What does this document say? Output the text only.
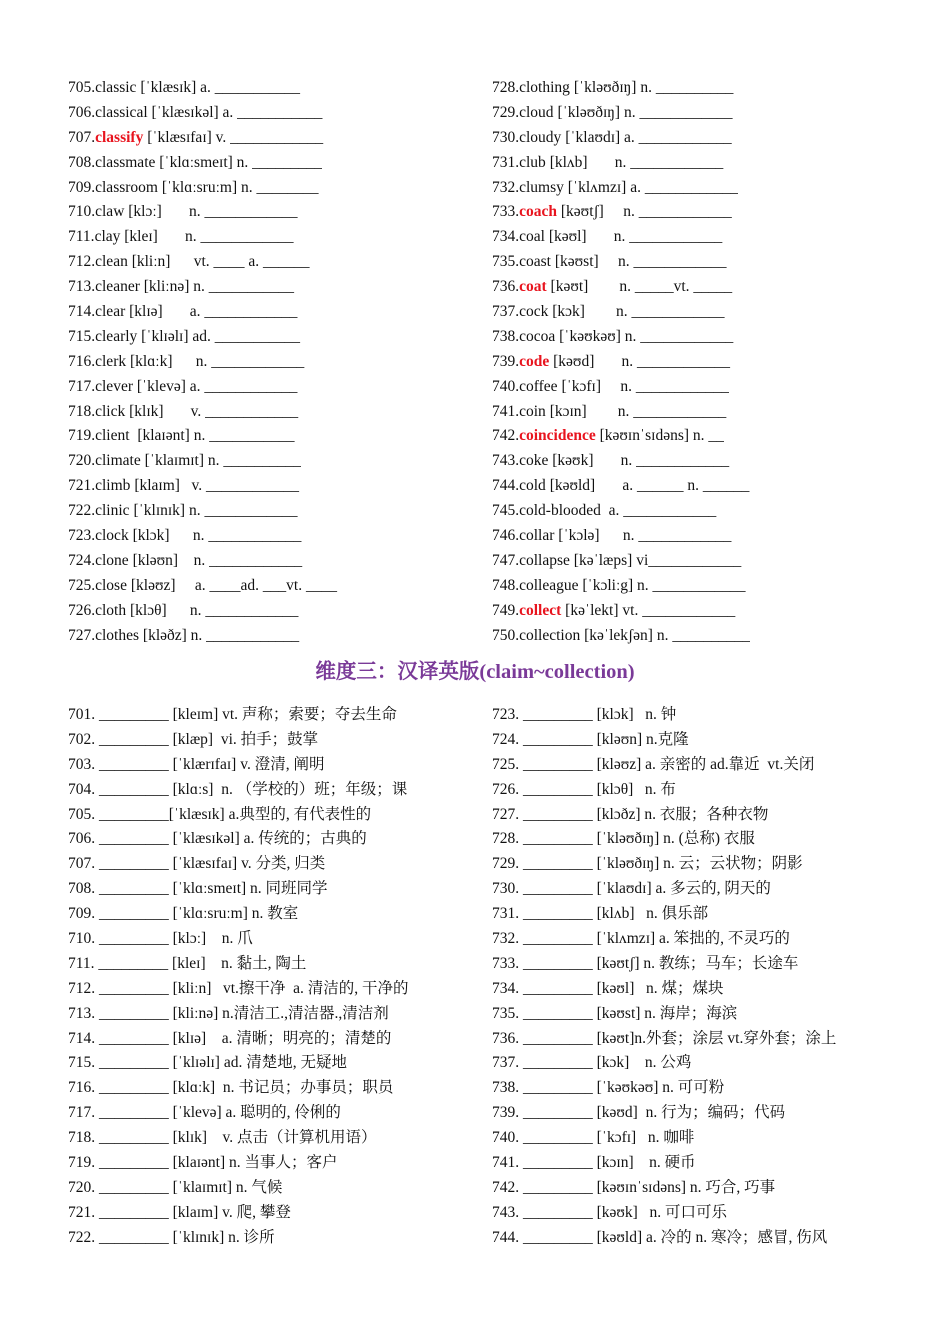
705.classic [ˈklæsɪk] a. ___________
706.classical [ˈklæsɪkəl] a. ___________
707.classify [ˈklæsɪfaɪ] v. ____________
708.classmate [ˈklɑːsmeɪt] n. _________
709.classroom [ˈklɑːsruːm] n. ________
710.claw [klɔː]       n. ____________
711.clay [kleɪ]       n. ____________
712.clean [kliːn]      vt. ____ a. ______
713.cleaner [kliːnə] n. ___________
714.clear [klɪə]       a. ____________
715.clearly [ˈklɪəlɪ] ad. ___________
716.clerk [klɑːk]      n. ____________
717.clever [ˈklevə] a. ____________
718.click [klɪk]       v. ____________
719.client  [klaɪənt] n. ___________
720.climate [ˈklaɪmɪt] n. __________
721.climb [klaɪm]   v. ____________
722.clinic [ˈklɪnɪk] n. ____________
723.clock [klɔk]      n. ____________
724.clone [kləʊn]    n. ____________
725.close [kləʊz]     a. ____ad. ___vt. ____
726.cloth [klɔθ]      n. ____________
727.clothes [kləðz] n. ____________
728.clothing [ˈkləʊðɪŋ] n. __________
729.cloud [ˈkləʊðɪŋ] n. ____________
730.cloudy [ˈklaʊdɪ] a. ____________
731.club [klʌb]       n. ____________
732.clumsy [ˈklʌmzɪ] a. ____________
733.coach [kəʊtʃ]     n. ____________
734.coal [kəʊl]       n. ____________
735.coast [kəʊst]     n. ____________
736.coat [kəʊt]        n. _____vt. _____
737.cock [kɔk]        n. ____________
738.cocoa [ˈkəʊkəʊ] n. ____________
739.code [kəʊd]       n. ____________
740.coffee [ˈkɔfɪ]     n. ____________
741.coin [kɔɪn]        n. ____________
742.coincidence [kəʊɪnˈsɪdəns] n. __
743.coke [kəʊk]       n. ____________
744.cold [kəʊld]       a. ______ n. ______
745.cold-blooded  a. ____________
746.collar [ˈkɔlə]      n. ____________
747.collapse [kəˈlæps] vi____________
748.colleague [ˈkɔliːg] n. ____________
749.collect [kəˈlekt] vt. ____________
750.collection [kəˈlekʃən] n. __________
维度三：汉译英版(claim~collection)
701. _________ [kleɪm] vt. 声称；索要；夺去生命
702. _________ [klæp]  vi. 拍手；鼓掌
703. _________ [ˈklærɪfaɪ] v. 澄清, 阐明
704. _________ [klɑːs]  n. （学校的）班；年级；课
705. _________[ˈklæsɪk] a.典型的, 有代表性的
706. _________ [ˈklæsɪkəl] a. 传统的；古典的
707. _________ [ˈklæsɪfaɪ] v. 分类, 归类
708. _________ [ˈklɑːsmeɪt] n. 同班同学
709. _________ [ˈklɑːsruːm] n. 教室
710. _________ [klɔː]    n. 爪
711. _________ [kleɪ]    n. 黏土, 陶土
712. _________ [kliːn]   vt.擦干净  a. 清洁的, 干净的
713. _________ [kliːnə] n.清洁工.,清洁器.,清洁剂
714. _________ [klɪə]    a. 清晰；明亮的；清楚的
715. _________ [ˈklɪəlɪ] ad. 清楚地, 无疑地
716. _________ [klɑːk]  n. 书记员；办事员；职员
717. _________ [ˈklevə] a. 聪明的, 伶俐的
718. _________ [klɪk]    v. 点击（计算机用语）
719. _________ [klaɪənt] n. 当事人；客户
720. _________ [ˈklaɪmɪt] n. 气候
721. _________ [klaɪm] v. 爬, 攀登
722. _________ [ˈklɪnɪk] n. 诊所
723. _________ [klɔk]   n. 钟
724. _________ [kləʊn] n.克隆
725. _________ [kləʊz] a. 亲密的 ad.靠近  vt.关闭
726. _________ [klɔθ]   n. 布
727. _________ [klɔðz] n. 衣服；各种衣物
728. _________ [ˈkləʊðɪŋ] n. (总称) 衣服
729. _________ [ˈkləʊðɪŋ] n. 云；云状物；阴影
730. _________ [ˈklaʊdɪ] a. 多云的, 阴天的
731. _________ [klʌb]   n. 俱乐部
732. _________ [ˈklʌmzɪ] a. 笨拙的, 不灵巧的
733. _________ [kəʊtʃ] n. 教练；马车；长途车
734. _________ [kəʊl]   n. 煤；煤块
735. _________ [kəʊst] n. 海岸；海滨
736. _________ [kəʊt]n.外套；涂层 vt.穿外套；涂上
737. _________ [kɔk]    n. 公鸡
738. _________ [ˈkəʊkəʊ] n. 可可粉
739. _________ [kəʊd]  n. 行为；编码；代码
740. _________ [ˈkɔfɪ]   n. 咖啡
741. _________ [kɔɪn]    n. 硬币
742. _________ [kəʊɪnˈsɪdəns] n. 巧合, 巧事
743. _________ [kəʊk]   n. 可口可乐
744. _________ [kəʊld] a. 冷的 n. 寒冷；感冒, 伤风
